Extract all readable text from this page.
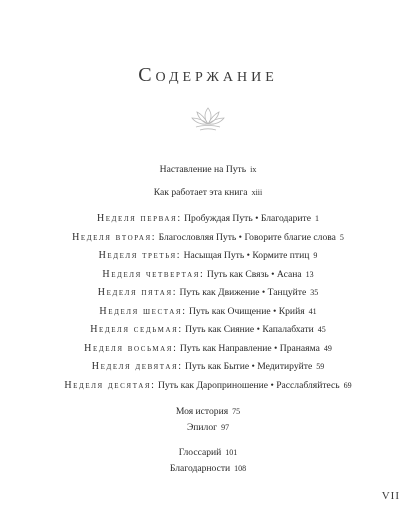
Содержание
Наставление на Путь ix
Как работает эта книга xiii
Неделя первая: Пробуждая Путь • Благодарите 1
Неделя вторая: Благословляя Путь • Говорите благие слова 5
Неделя третья: Насыщая Путь • Кормите птиц 9
Неделя четвертая: Путь как Связь • Асана 13
Неделя пятая: Путь как Движение • Танцуйте 35
Неделя шестая: Путь как Очищение • Крийя 41
Неделя седьмая: Путь как Сияние • Капалабхати 45
Неделя восьмая: Путь как Направление • Пранаяма 49
Неделя девятая: Путь как Бытие • Медитируйте 59
Неделя десятая: Путь как Дароприношение • Расслабляйтесь 69
Моя история 75
Эпилог 97
Глоссарий 101
Благодарности 108
VII
